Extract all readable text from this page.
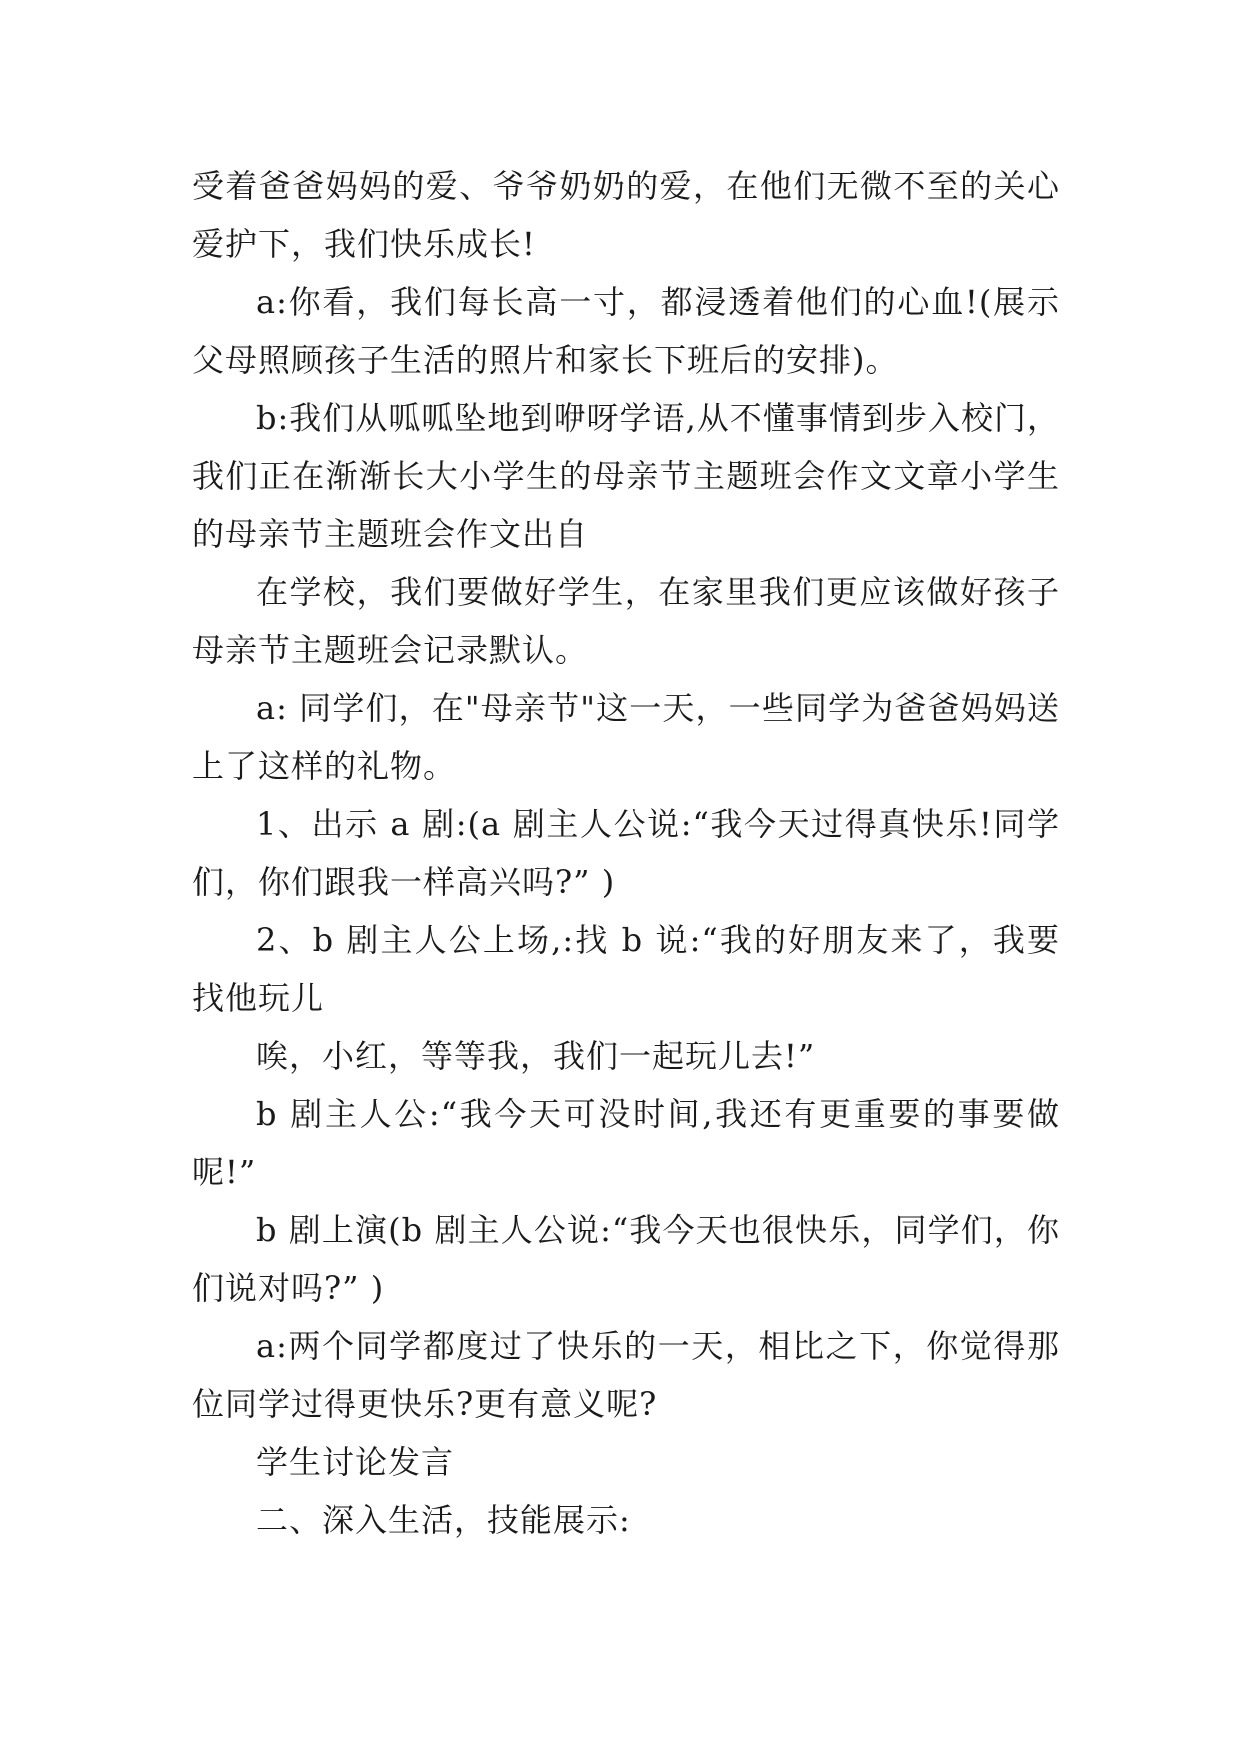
受着爸爸妈妈的爱、爷爷奶奶的爱，在他们无微不至的关心爱护下，我们快乐成长!

a:你看，我们每长高一寸，都浸透着他们的心血!(展示父母照顾孩子生活的照片和家长下班后的安排)。

b:我们从呱呱坠地到咿呀学语,从不懂事情到步入校门，我们正在渐渐长大小学生的母亲节主题班会作文文章小学生的母亲节主题班会作文出自

在学校，我们要做好学生，在家里我们更应该做好孩子母亲节主题班会记录默认。

a: 同学们，在"母亲节"这一天，一些同学为爸爸妈妈送上了这样的礼物。

1、出示 a 剧:(a 剧主人公说:“我今天过得真快乐!同学们，你们跟我一样高兴吗?” )

2、b 剧主人公上场,:找 b 说:“我的好朋友来了，我要找他玩儿

唉，小红，等等我，我们一起玩儿去!”

b 剧主人公:“我今天可没时间,我还有更重要的事要做呢!”

b 剧上演(b 剧主人公说:“我今天也很快乐，同学们，你们说对吗?” )

a:两个同学都度过了快乐的一天，相比之下，你觉得那位同学过得更快乐?更有意义呢?

学生讨论发言

二、深入生活，技能展示:
